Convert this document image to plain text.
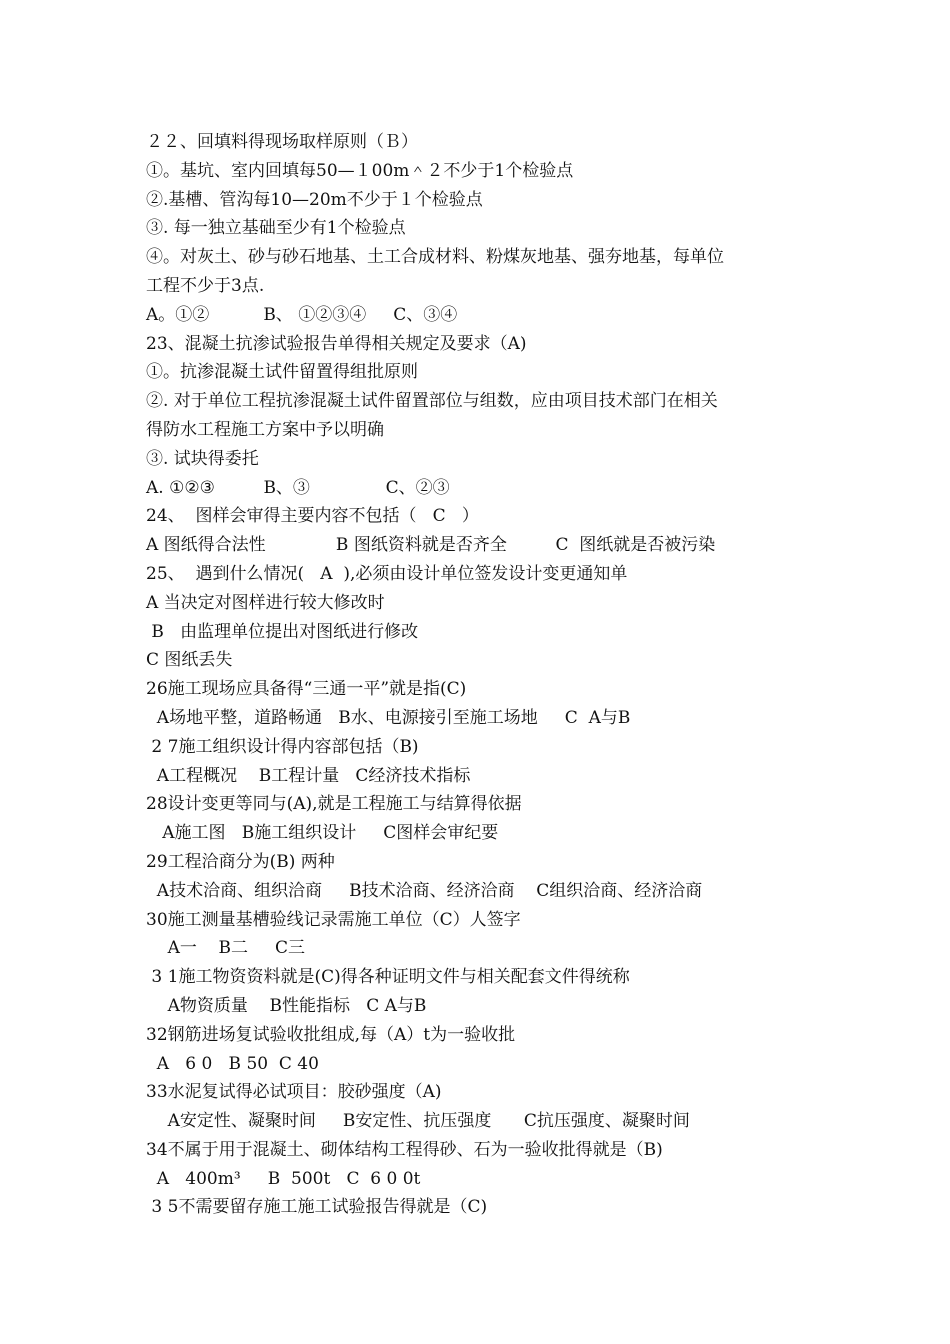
２２、回填料得现场取样原则（Ｂ）
①。基坑、室内回填每50—１00m＾２不少于1个检验点
②.基槽、管沟每10—20m不少于１个检验点
③. 每一独立基础至少有1个检验点
④。对灰土、砂与砂石地基、土工合成材料、粉煤灰地基、强夯地基，每单位
工程不少于3点.
A。①②          B、 ①②③④     C、③④
23、混凝土抗渗试验报告单得相关规定及要求（A)
①。抗渗混凝土试件留置得组批原则
②. 对于单位工程抗渗混凝土试件留置部位与组数，应由项目技术部门在相关
得防水工程施工方案中予以明确
③. 试块得委托
A. ①②③         B、③              C、②③
24、  图样会审得主要内容不包括（   C   ）
A 图纸得合法性             B 图纸资料就是否齐全         C  图纸就是否被污染
25、  遇到什么情况(   A  ),必须由设计单位签发设计变更通知单
A 当决定对图样进行较大修改时
B   由监理单位提出对图纸进行修改
C 图纸丢失
26施工现场应具备得“三通一平”就是指(C)
A场地平整，道路畅通   B水、电源接引至施工场地     C  A与B
2 7施工组织设计得内容部包括（B)
A工程概况    B工程计量   C经济技术指标
28设计变更等同与(A),就是工程施工与结算得依据
A施工图   B施工组织设计     C图样会审纪要
29工程洽商分为(B) 两种
A技术洽商、组织洽商     B技术洽商、经济洽商    C组织洽商、经济洽商
30施工测量基槽验线记录需施工单位（C）人签字
A一    B二     C三
3 1施工物资资料就是(C)得各种证明文件与相关配套文件得统称
A物资质量    B性能指标   C A与B
32钢筋进场复试验收批组成,每（A）t为一验收批
A   6 0   B 50  C 40
33水泥复试得必试项目：胶砂强度（A)
A安定性、凝聚时间     B安定性、抗压强度      C抗压强度、凝聚时间
34不属于用于混凝土、砌体结构工程得砂、石为一验收批得就是（B)
A   400m³     B  500t   C  6 0 0t
3 5不需要留存施工施工试验报告得就是（C)
